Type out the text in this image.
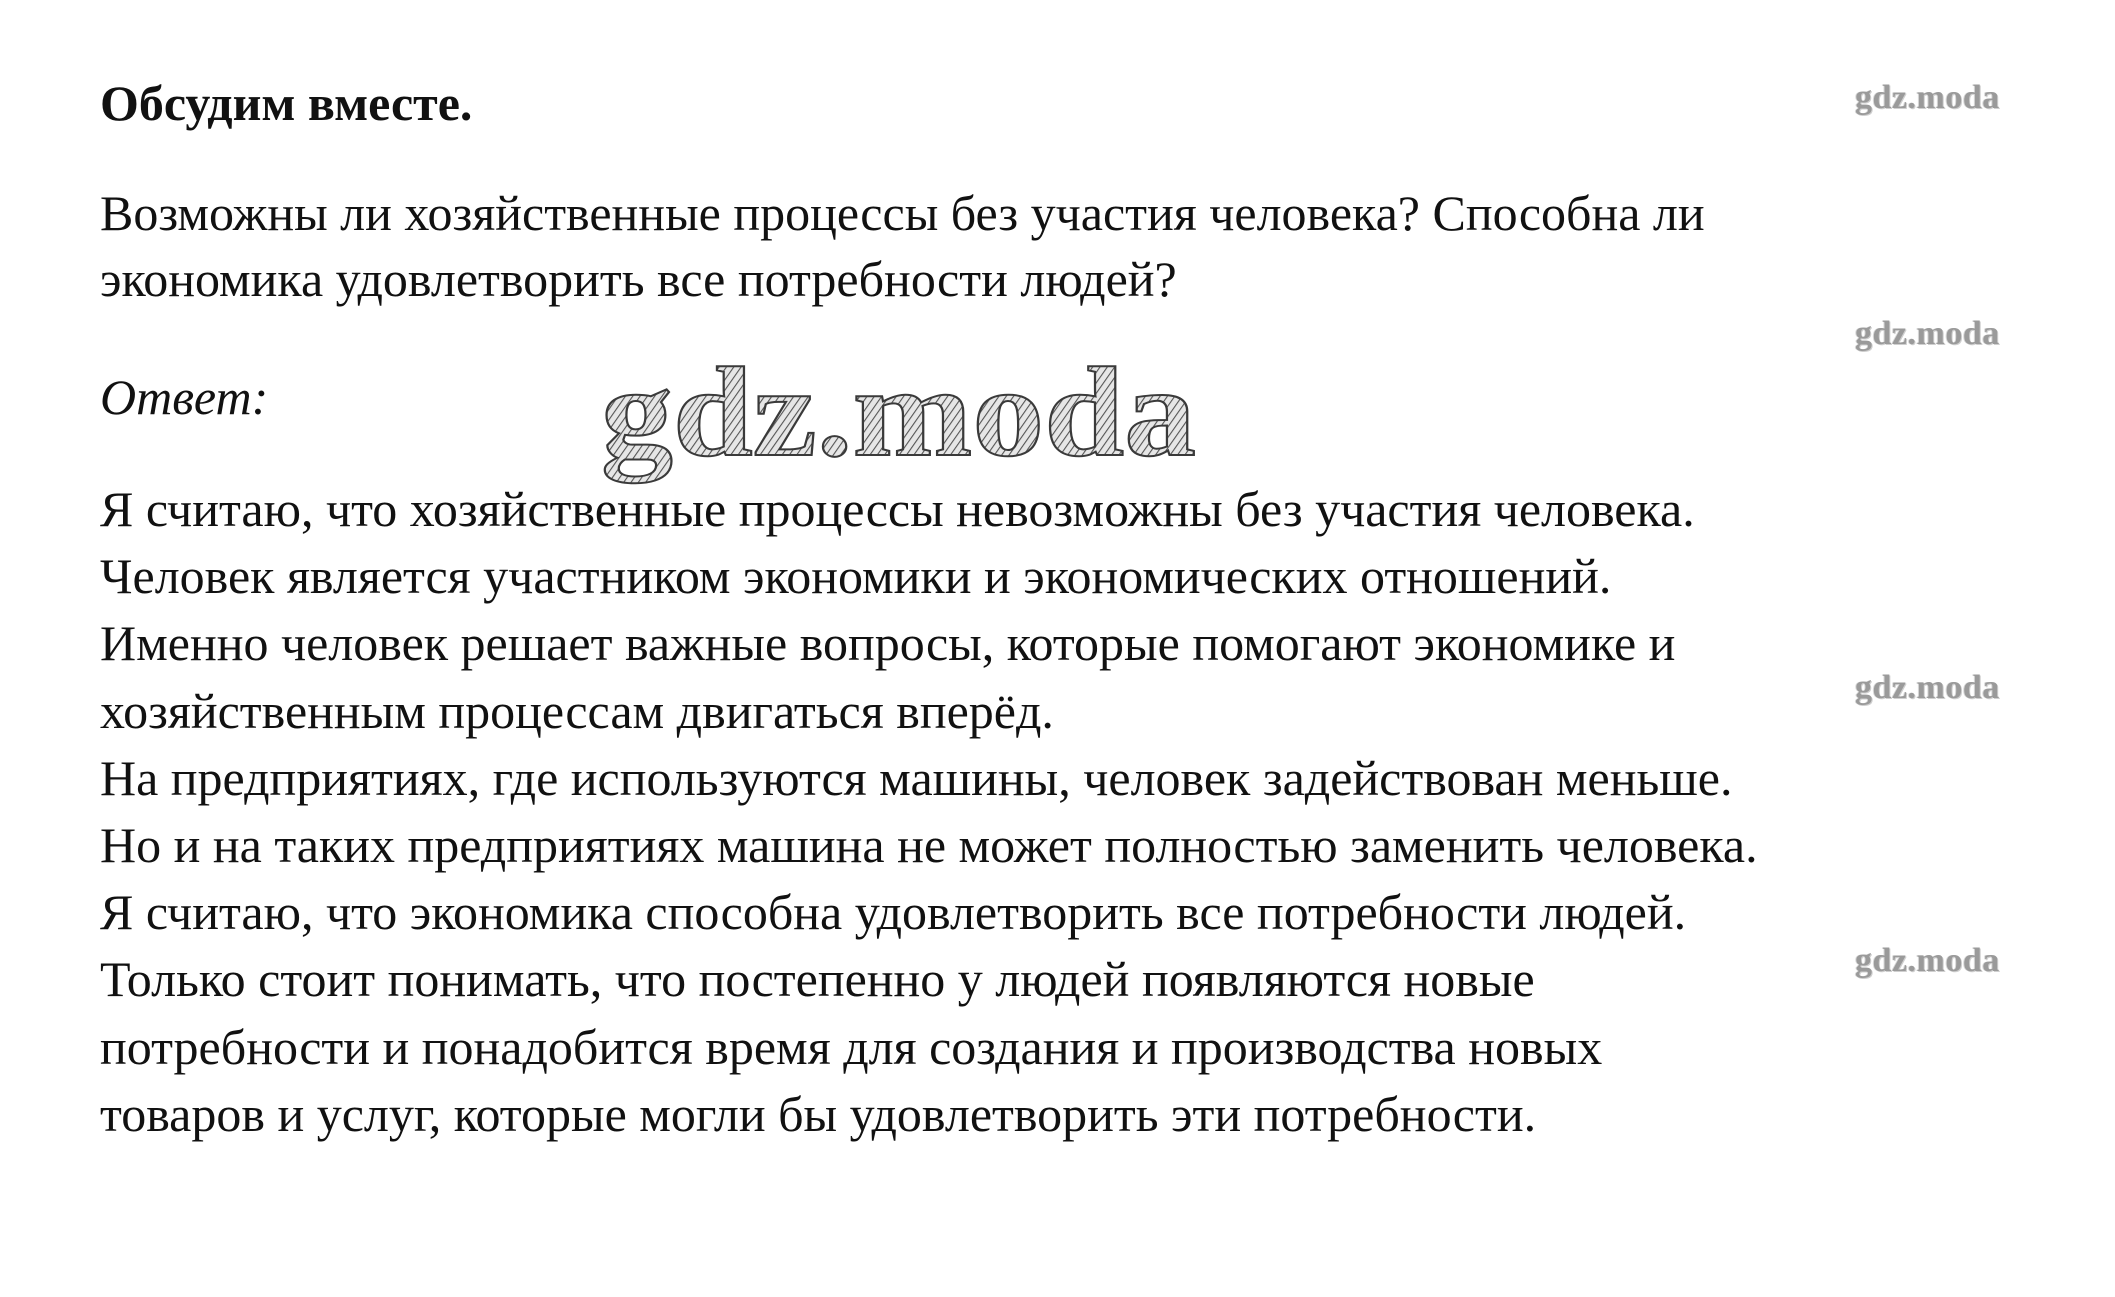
Обсудим вместе.	gdz.moda
Возможны ли хозяйственные процессы без участия человека? Способна ли
экономика удовлетворить все потребности людей?
gdz.moda
Ответ:	gdz.moda
Я считаю, что хозяйственные процессы невозможны без участия человека.
Человек является участником экономики и экономических отношений.
Именно человек решает важные вопросы, которые помогают экономике и
хозяйственным процессам двигаться вперёд.
На предприятиях, где используются машины, человек задействован меньше.
Но и на таких предприятиях машина не может полностью заменить человека.
Я считаю, что экономика способна удовлетворить все потребности людей.
Только стоит понимать, что постепенно у людей появляются новые
потребности и понадобится время для создания и производства новых
товаров и услуг, которые могли бы удовлетворить эти потребности.
gdz.moda
gdz.moda
